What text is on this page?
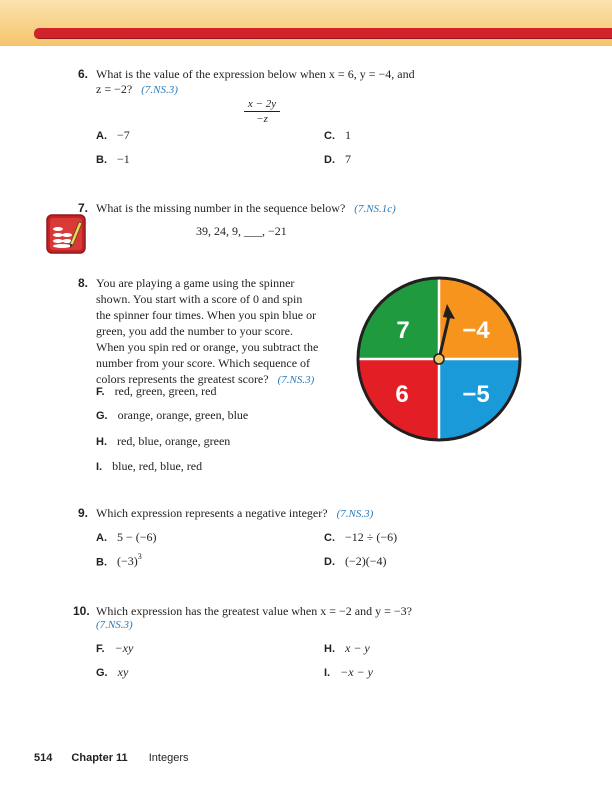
6. What is the value of the expression below when x = 6, y = −4, and
z = −2? (7.NS.3)
$\frac{x - 2y}{-z}$
A. −7
B. −1
C. 1
D. 7
7. What is the missing number in the sequence below? (7.NS.1c)
39, 24, 9, ___, −21
8. You are playing a game using the spinner
shown. You start with a score of 0 and spin
the spinner four times. When you spin blue or
green, you add the number to your score.
When you spin red or orange, you subtract the
number from your score. Which sequence of
colors represents the greatest score? (7.NS.3)
F. red, green, green, red
G. orange, orange, green, blue
H. red, blue, orange, green
I. blue, red, blue, red
7 −4
6 −5
9. Which expression represents a negative integer? (7.NS.3)
A. 5 − (−6)
B. $(-3)^3$
C. −12 ÷ (−6)
D. (−2)(−4)
10. Which expression has the greatest value when x = −2 and y = −3?
(7.NS.3)
F. −xy
G. xy
H. x − y
I. −x − y
514 Chapter 11 Integers
